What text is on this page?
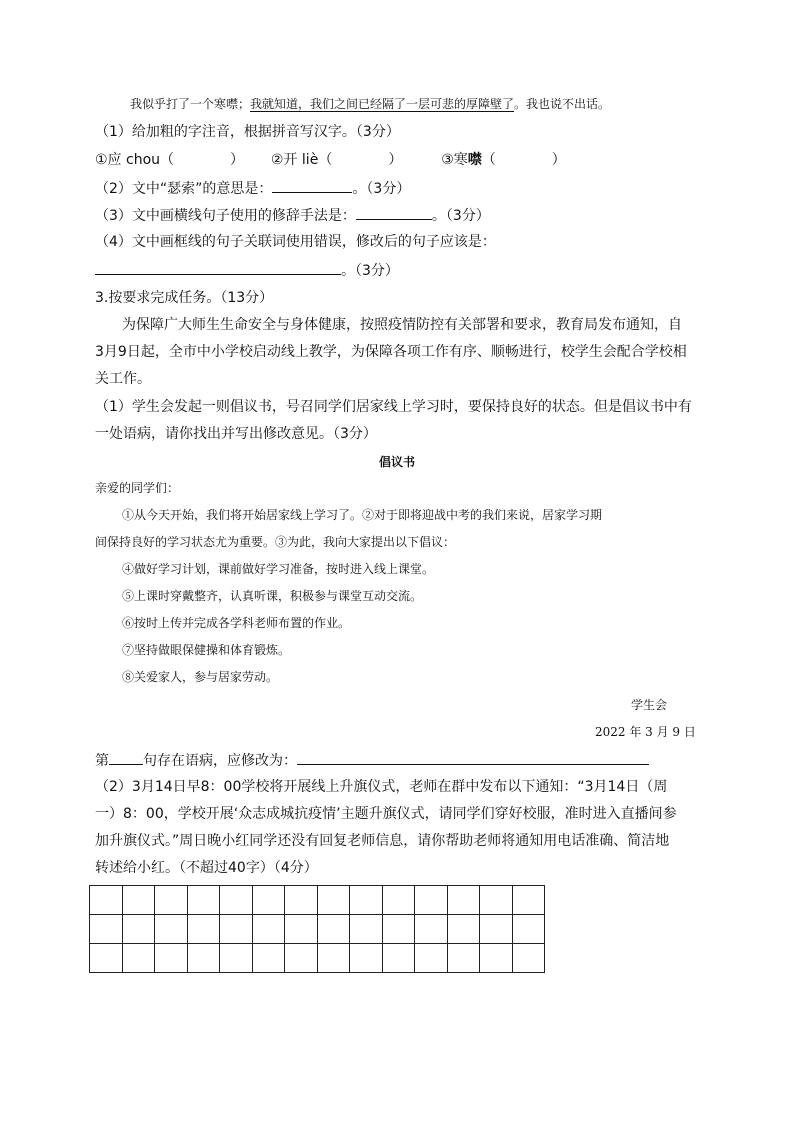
我似乎打了一个寒噤；我就知道，我们之间已经隔了一层可悲的厚障壁了。我也说不出话。
（1）给加粗的字注音，根据拼音写汉字。（3分）
①应 chou（	） ②开 liè（	）	③寒噤（	）
（2）文中“瑟索”的意思是：	。（3分）
（3）文中画横线句子使用的修辞手法是：	。（3分）
（4）文中画框线的句子关联词使用错误，修改后的句子应该是：
。（3分）
3.按要求完成任务。（13分）
为保障广大师生生命安全与身体健康，按照疫情防控有关部署和要求，教育局发布通知，自
3月9日起，全市中小学校启动线上教学，为保障各项工作有序、顺畅进行，校学生会配合学校相
关工作。
（1）学生会发起一则倡议书，号召同学们居家线上学习时，要保持良好的状态。但是倡议书中有
一处语病，请你找出并写出修改意见。（3分）
倡议书
亲爱的同学们：
①从今天开始，我们将开始居家线上学习了。②对于即将迎战中考的我们来说，居家学习期
间保持良好的学习状态尤为重要。③为此，我向大家提出以下倡议：
④做好学习计划，课前做好学习准备，按时进入线上课堂。
⑤上课时穿戴整齐，认真听课，积极参与课堂互动交流。
⑥按时上传并完成各学科老师布置的作业。
⑦坚持做眼保健操和体育锻炼。
⑧关爱家人，参与居家劳动。
学生会
2022 年 3 月 9 日
第 句存在语病，应修改为：
（2）3月14日早8：00学校将开展线上升旗仪式，老师在群中发布以下通知：“3月14日（周
一）8：00，学校开展‘众志成城抗疫情’主题升旗仪式，请同学们穿好校服，准时进入直播间参
加升旗仪式。”周日晚小红同学还没有回复老师信息，请你帮助老师将通知用电话准确、简洁地
转述给小红。（不超过40字）（4分）
